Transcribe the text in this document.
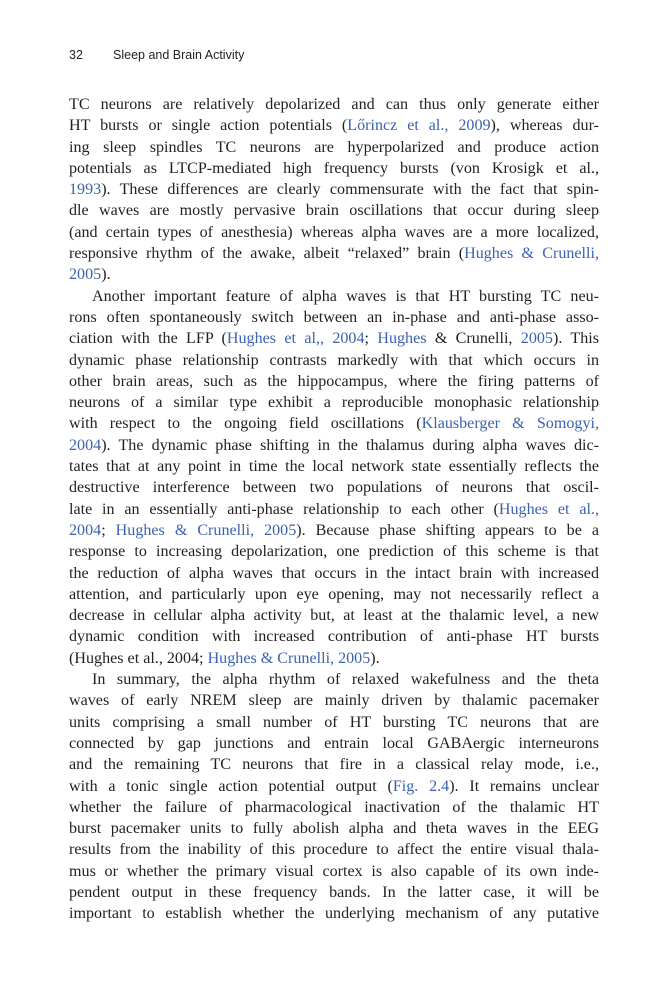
32 Sleep and Brain Activity
TC neurons are relatively depolarized and can thus only generate either
HT bursts or single action potentials (Lőrincz et al., 2009), whereas dur-
ing sleep spindles TC neurons are hyperpolarized and produce action
potentials as LTCP-mediated high frequency bursts (von Krosigk et al.,
1993). These differences are clearly commensurate with the fact that spin-
dle waves are mostly pervasive brain oscillations that occur during sleep
(and certain types of anesthesia) whereas alpha waves are a more localized,
responsive rhythm of the awake, albeit “relaxed” brain (Hughes & Crunelli,
2005).
Another important feature of alpha waves is that HT bursting TC neu-
rons often spontaneously switch between an in-phase and anti-phase asso-
ciation with the LFP (Hughes et al,, 2004; Hughes & Crunelli, 2005). This
dynamic phase relationship contrasts markedly with that which occurs in
other brain areas, such as the hippocampus, where the firing patterns of
neurons of a similar type exhibit a reproducible monophasic relationship
with respect to the ongoing field oscillations (Klausberger & Somogyi,
2004). The dynamic phase shifting in the thalamus during alpha waves dic-
tates that at any point in time the local network state essentially reflects the
destructive interference between two populations of neurons that oscil-
late in an essentially anti-phase relationship to each other (Hughes et al.,
2004; Hughes & Crunelli, 2005). Because phase shifting appears to be a
response to increasing depolarization, one prediction of this scheme is that
the reduction of alpha waves that occurs in the intact brain with increased
attention, and particularly upon eye opening, may not necessarily reflect a
decrease in cellular alpha activity but, at least at the thalamic level, a new
dynamic condition with increased contribution of anti-phase HT bursts
(Hughes et al., 2004; Hughes & Crunelli, 2005).
In summary, the alpha rhythm of relaxed wakefulness and the theta
waves of early NREM sleep are mainly driven by thalamic pacemaker
units comprising a small number of HT bursting TC neurons that are
connected by gap junctions and entrain local GABAergic interneurons
and the remaining TC neurons that fire in a classical relay mode, i.e.,
with a tonic single action potential output (Fig. 2.4). It remains unclear
whether the failure of pharmacological inactivation of the thalamic HT
burst pacemaker units to fully abolish alpha and theta waves in the EEG
results from the inability of this procedure to affect the entire visual thala-
mus or whether the primary visual cortex is also capable of its own inde-
pendent output in these frequency bands. In the latter case, it will be
important to establish whether the underlying mechanism of any putative
